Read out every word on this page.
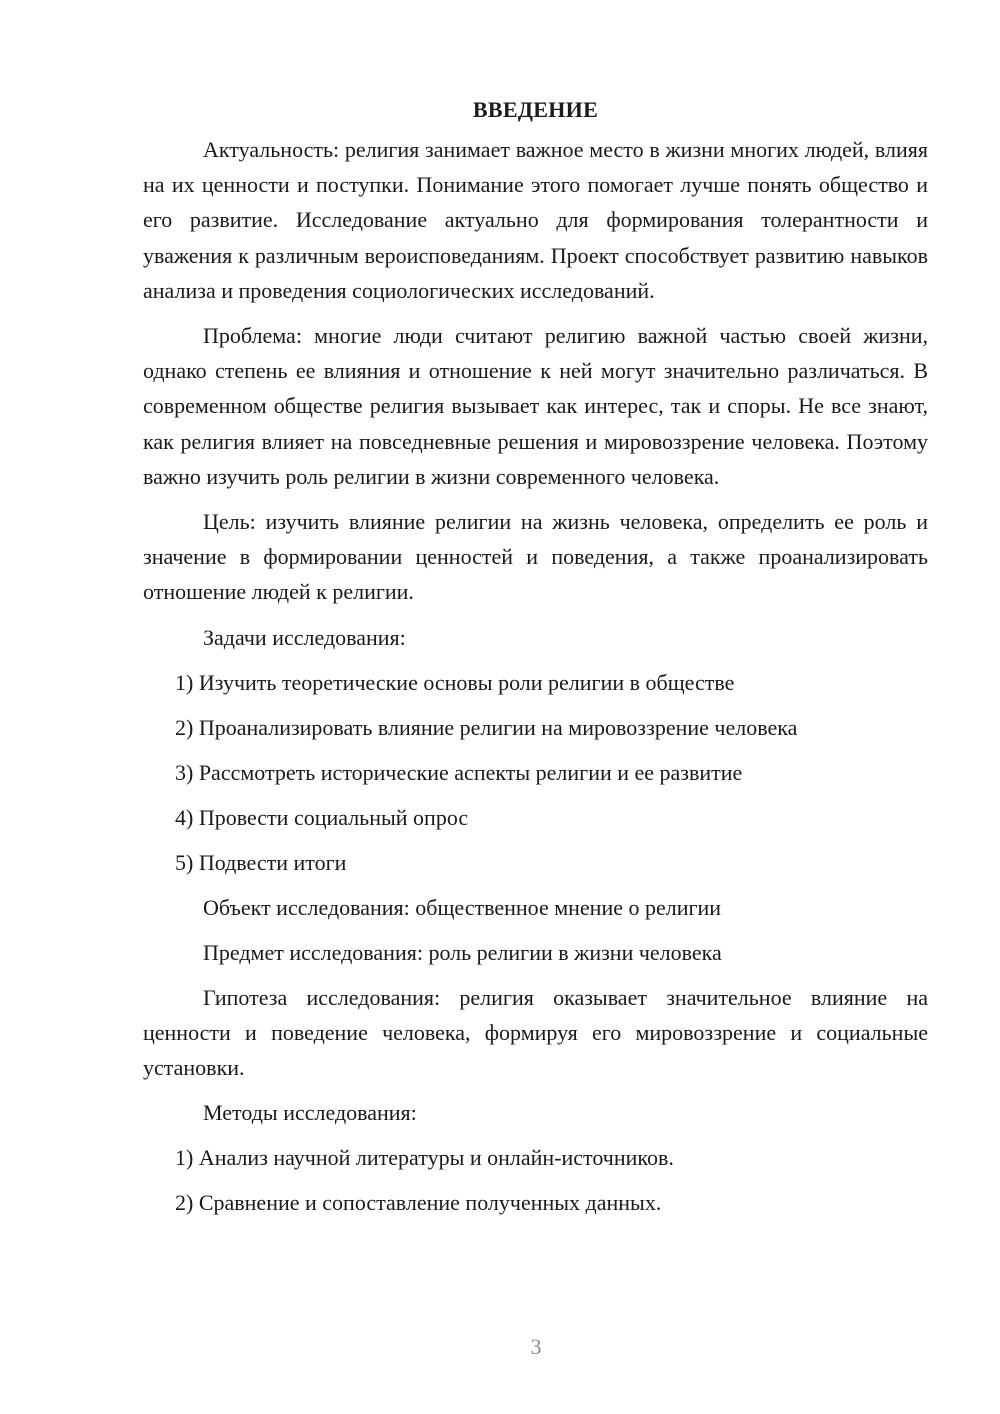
ВВЕДЕНИЕ

Актуальность: религия занимает важное место в жизни многих людей, влияя на их ценности и поступки. Понимание этого помогает лучше понять общество и его развитие. Исследование актуально для формирования толерантности и уважения к различным вероисповеданиям. Проект способствует развитию навыков анализа и проведения социологических исследований.

Проблема: многие люди считают религию важной частью своей жизни, однако степень ее влияния и отношение к ней могут значительно различаться. В современном обществе религия вызывает как интерес, так и споры. Не все знают, как религия влияет на повседневные решения и мировоззрение человека. Поэтому важно изучить роль религии в жизни современного человека.

Цель: изучить влияние религии на жизнь человека, определить ее роль и значение в формировании ценностей и поведения, а также проанализировать отношение людей к религии.

Задачи исследования:
1) Изучить теоретические основы роли религии в обществе
2) Проанализировать влияние религии на мировоззрение человека
3) Рассмотреть исторические аспекты религии и ее развитие
4) Провести социальный опрос
5) Подвести итоги
Объект исследования: общественное мнение о религии
Предмет исследования: роль религии в жизни человека

Гипотеза исследования: религия оказывает значительное влияние на ценности и поведение человека, формируя его мировоззрение и социальные установки.

Методы исследования:
1) Анализ научной литературы и онлайн-источников.
2) Сравнение и сопоставление полученных данных.
3
